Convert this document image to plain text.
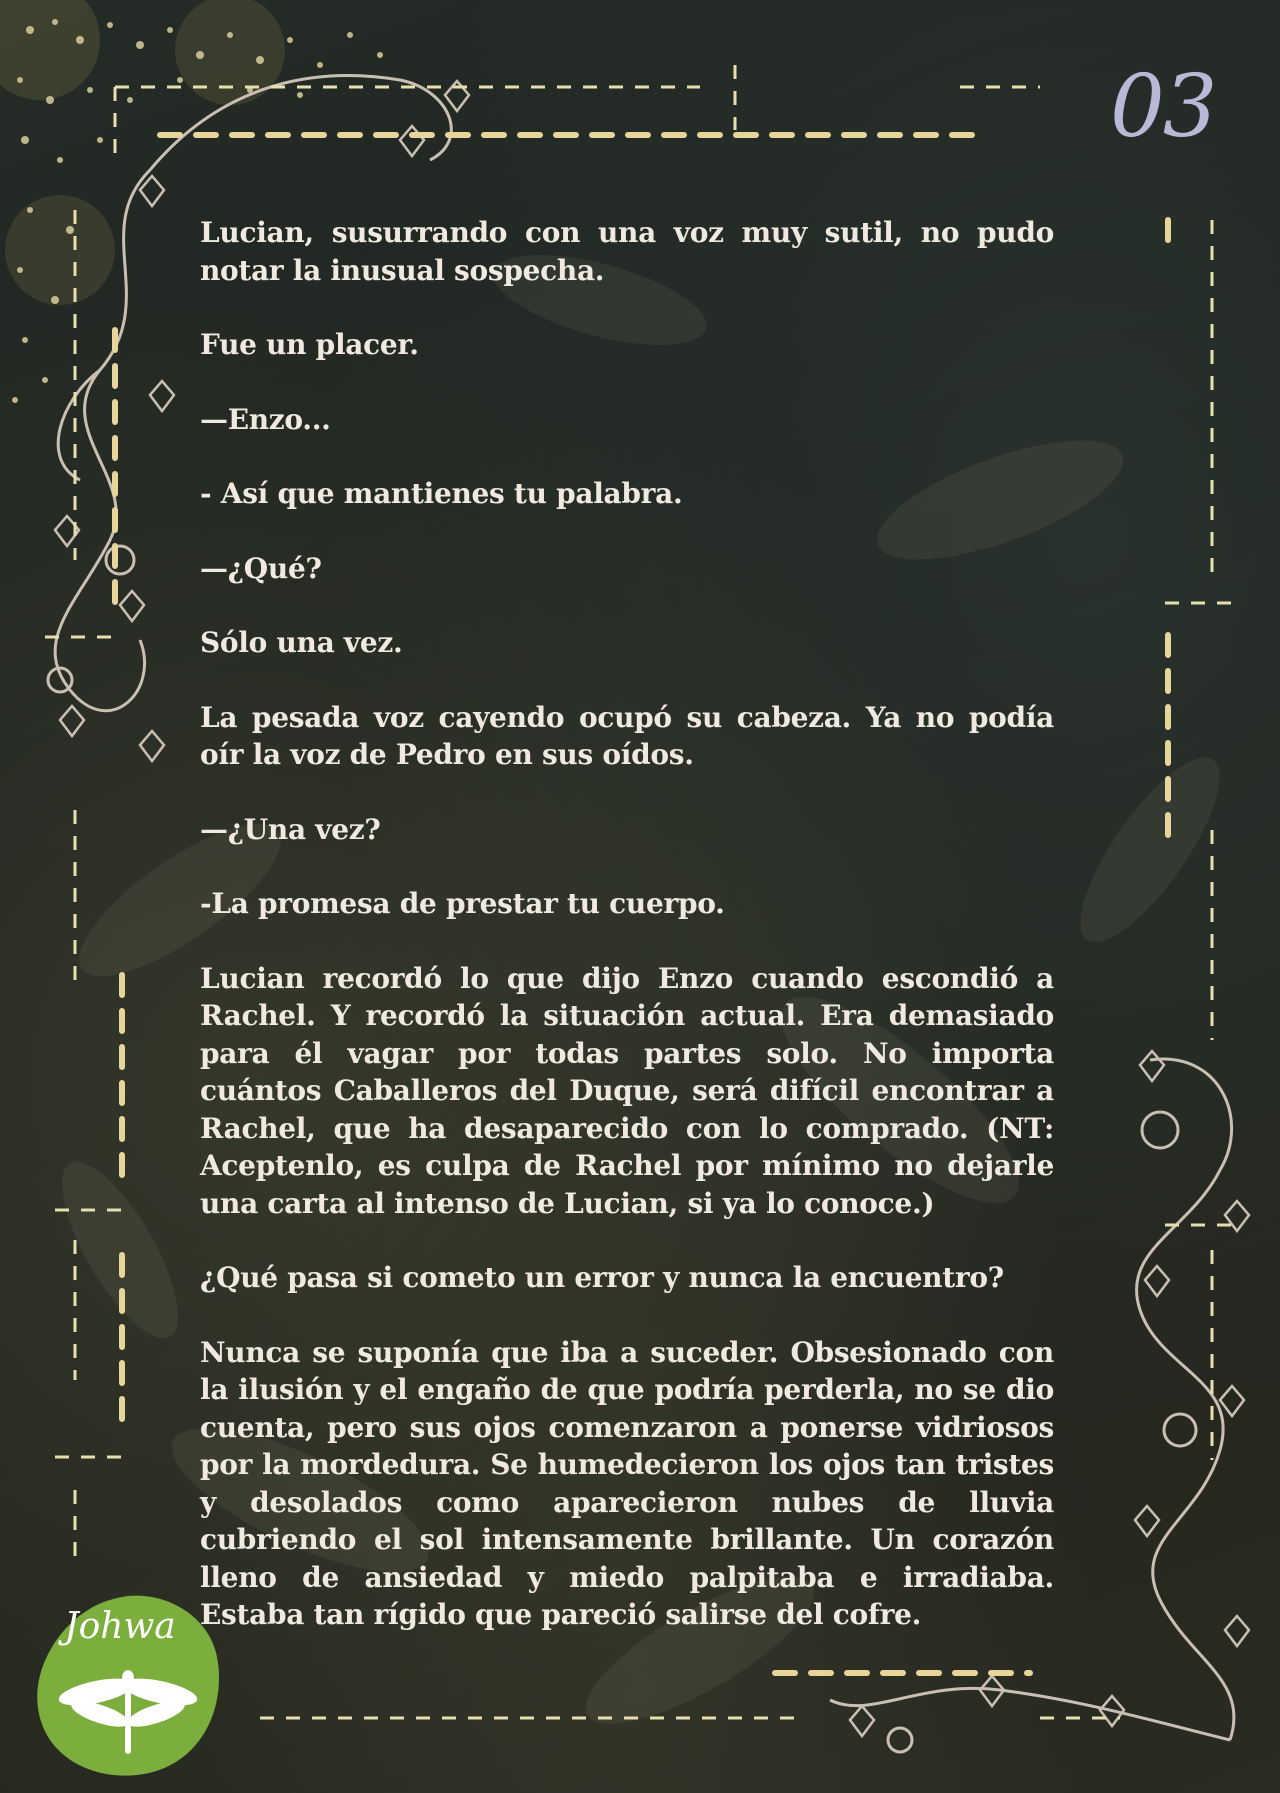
03

Lucian, susurrando con una voz muy sutil, no pudo notar la inusual sospecha.

Fue un placer.

—Enzo...

- Así que mantienes tu palabra.

—¿Qué?

Sólo una vez.

La pesada voz cayendo ocupó su cabeza. Ya no podía oír la voz de Pedro en sus oídos.

—¿Una vez?

-La promesa de prestar tu cuerpo.

Lucian recordó lo que dijo Enzo cuando escondió a Rachel. Y recordó la situación actual. Era demasiado para él vagar por todas partes solo. No importa cuántos Caballeros del Duque, será difícil encontrar a Rachel, que ha desaparecido con lo comprado. (NT: Aceptenlo, es culpa de Rachel por mínimo no dejarle una carta al intenso de Lucian, si ya lo conoce.)

¿Qué pasa si cometo un error y nunca la encuentro?

Nunca se suponía que iba a suceder. Obsesionado con la ilusión y el engaño de que podría perderla, no se dio cuenta, pero sus ojos comenzaron a ponerse vidriosos por la mordedura. Se humedecieron los ojos tan tristes y desolados como aparecieron nubes de lluvia cubriendo el sol intensamente brillante. Un corazón lleno de ansiedad y miedo palpitaba e irradiaba. Estaba tan rígido que pareció salirse del cofre.

Johwa
